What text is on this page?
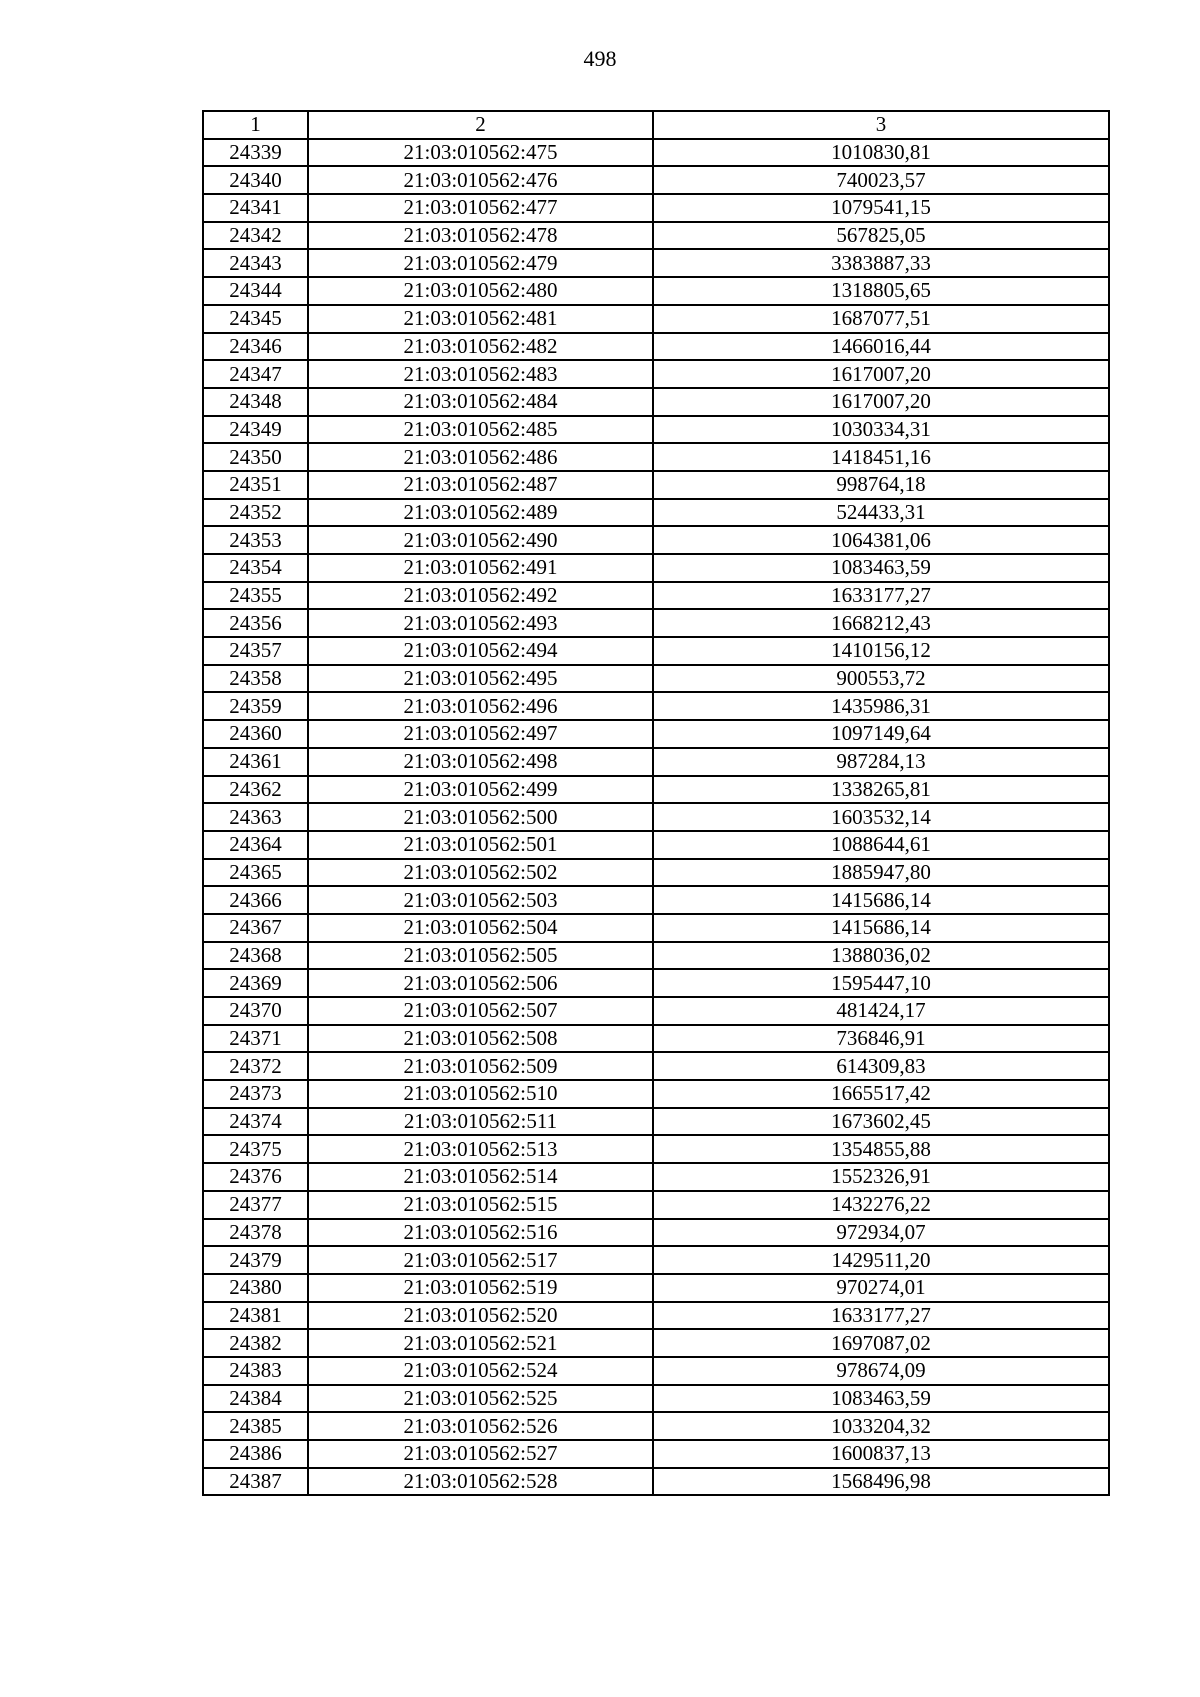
498
1	2	3
24339	21:03:010562:475	1010830,81
24340	21:03:010562:476	740023,57
24341	21:03:010562:477	1079541,15
24342	21:03:010562:478	567825,05
24343	21:03:010562:479	3383887,33
24344	21:03:010562:480	1318805,65
24345	21:03:010562:481	1687077,51
24346	21:03:010562:482	1466016,44
24347	21:03:010562:483	1617007,20
24348	21:03:010562:484	1617007,20
24349	21:03:010562:485	1030334,31
24350	21:03:010562:486	1418451,16
24351	21:03:010562:487	998764,18
24352	21:03:010562:489	524433,31
24353	21:03:010562:490	1064381,06
24354	21:03:010562:491	1083463,59
24355	21:03:010562:492	1633177,27
24356	21:03:010562:493	1668212,43
24357	21:03:010562:494	1410156,12
24358	21:03:010562:495	900553,72
24359	21:03:010562:496	1435986,31
24360	21:03:010562:497	1097149,64
24361	21:03:010562:498	987284,13
24362	21:03:010562:499	1338265,81
24363	21:03:010562:500	1603532,14
24364	21:03:010562:501	1088644,61
24365	21:03:010562:502	1885947,80
24366	21:03:010562:503	1415686,14
24367	21:03:010562:504	1415686,14
24368	21:03:010562:505	1388036,02
24369	21:03:010562:506	1595447,10
24370	21:03:010562:507	481424,17
24371	21:03:010562:508	736846,91
24372	21:03:010562:509	614309,83
24373	21:03:010562:510	1665517,42
24374	21:03:010562:511	1673602,45
24375	21:03:010562:513	1354855,88
24376	21:03:010562:514	1552326,91
24377	21:03:010562:515	1432276,22
24378	21:03:010562:516	972934,07
24379	21:03:010562:517	1429511,20
24380	21:03:010562:519	970274,01
24381	21:03:010562:520	1633177,27
24382	21:03:010562:521	1697087,02
24383	21:03:010562:524	978674,09
24384	21:03:010562:525	1083463,59
24385	21:03:010562:526	1033204,32
24386	21:03:010562:527	1600837,13
24387	21:03:010562:528	1568496,98
